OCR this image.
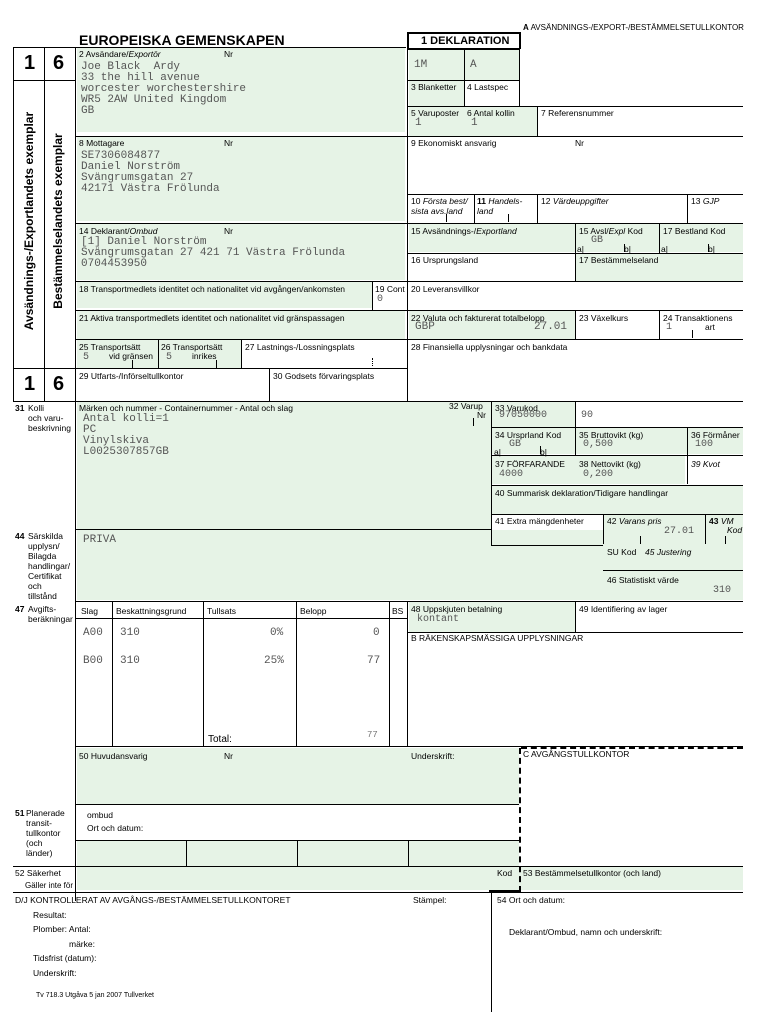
A AVSÄNDNINGS-/EXPORT-/BESTÄMMELSETULLKONTOR
EUROPEISKA GEMENSKAPEN	1 DEKLARATION
1M	A
1 6
1 6
Avsändnings-/Exportlandets exemplar Bestämmelselandets exemplar
2 Avsändare/Exportör	Nr
Joe Black  Ardy
33 the hill avenue
worcester worchestershire
WR5 2AW United Kingdom
GB
3 Blanketter 4 Lastspec
5 Varuposter
1
6 Antal kollin
1
7 Referensnummer
8 Mottagare	Nr
SE7306084877
Daniel Norström
Svängrumsgatan 27
42171 Västra Frölunda
9 Ekonomiskt ansvarig	Nr
10 Första best/ sista avs.land
11 Handels- land
12 Värdeuppgifter	13 GJP
14 Deklarant/Ombud	Nr
[1] Daniel Norström
Svängrumsgatan 27 421 71 Västra Frölunda
0704453950
15 Avsändnings-/Exportland	15 Avsl/Expl Kod
GB
a|	b|
17 Bestland Kod
a|	b|
16 Ursprungsland	17 Bestämmelseland
18 Transportmedlets identitet och nationalitet vid avgången/ankomsten	19 Cont
0
20 Leveransvillkor
21 Aktiva transportmedlets identitet och nationalitet vid gränspassagen	22 Valuta och fakturerat totalbelopp
GBP	27.01
23 Växelkurs	24 Transaktionens
art
1
25 Transportsätt
vid gränsen
5
26 Transportsätt
inrikes
5
27 Lastnings-/Lossningsplats	28 Finansiella upplysningar och bankdata
29 Utfarts-/Införseltullkontor	30 Godsets förvaringsplats
31 Kolli
och varu-
beskrivning
Märken och nummer - Containernummer - Antal och slag
Antal kolli=1
PC
Vinylskiva
L0025307857GB
32 Varup
Nr
33 Varukod
97050000	90
34 Ursprland Kod
GB
a|	b|
35 Bruttovikt (kg)
0,500
36 Förmåner
100
37 FÖRFARANDE
4000
38 Nettovikt (kg)
0,200
39 Kvot
40 Summarisk deklaration/Tidigare handlingar
41 Extra mängdenheter	42 Varans pris
27.01
43 VM
Kod
44 Särskilda
upplysn/
Bilagda
handlingar/
Certifikat
och
tillstånd
PRIVA
SU Kod 45 Justering
46 Statistiskt värde
310
47 Avgifts-
beräkningar
Slag Beskattningsgrund Tullsats	Belopp	BS
A00 310	0%	0
B00 310	25%	77
Total:	77
48 Uppskjuten betalning
kontant
49 Identifiering av lager
B RÄKENSKAPSMÄSSIGA UPPLYSNINGAR
50 Huvudansvarig	Nr	Underskrift:
ombud
Ort och datum:
C AVGÅNGSTULLKONTOR
51 Planerade
transit-
tullkontor
(och
länder)
52 Säkerhet
Gäller inte för
Kod 53 Bestämmelsetullkontor (och land)
D/J KONTROLLERAT AV AVGÅNGS-/BESTÄMMELSETULLKONTORET	Stämpel:
Resultat:
Plomber: Antal:
märke:
Tidsfrist (datum):
Underskrift:
54 Ort och datum:
Deklarant/Ombud, namn och underskrift:
Tv 718.3 Utgåva 5 jan 2007 Tullverket
